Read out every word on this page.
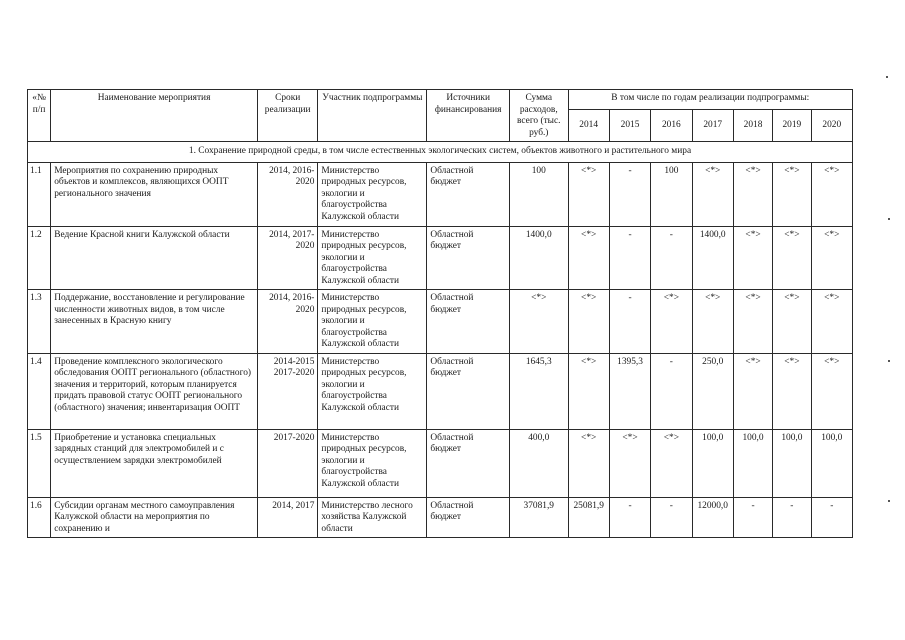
«№ п/п	Наименование мероприятия	Сроки реализации	Участник подпрограммы	Источники финансирования	Сумма расходов, всего (тыс. руб.)	В том числе по годам реализации подпрограммы:						
						2014	2015	2016	2017	2018	2019	2020
1. Сохранение природной среды, в том числе естественных экологических систем, объектов животного и растительного мира												
1.1	Мероприятия по сохранению природных объектов и комплексов, являющихся ООПТ регионального значения	2014, 2016-2020	Министерство природных ресурсов, экологии и благоустройства Калужской области	Областной бюджет	100	<*>	-	100	<*>	<*>	<*>	<*>
1.2	Ведение Красной книги Калужской области	2014, 2017-2020	Министерство природных ресурсов, экологии и благоустройства Калужской области	Областной бюджет	1400,0	<*>	-	-	1400,0	<*>	<*>	<*>
1.3	Поддержание, восстановление и регулирование численности животных видов, в том числе занесенных в Красную книгу	2014, 2016-2020	Министерство природных ресурсов, экологии и благоустройства Калужской области	Областной бюджет	<*>	<*>	-	<*>	<*>	<*>	<*>	<*>
1.4	Проведение комплексного экологического обследования ООПТ регионального (областного) значения и территорий, которым планируется придать правовой статус ООПТ регионального (областного) значения; инвентаризация ООПТ	2014-2015 2017-2020	Министерство природных ресурсов, экологии и благоустройства Калужской области	Областной бюджет	1645,3	<*>	1395,3	-	250,0	<*>	<*>	<*>
1.5	Приобретение и установка специальных зарядных станций для электромобилей и с осуществлением зарядки электромобилей	2017-2020	Министерство природных ресурсов, экологии и благоустройства Калужской области	Областной бюджет	400,0	<*>	<*>	<*>	100,0	100,0	100,0	100,0
1.6	Субсидии органам местного самоуправления Калужской области на мероприятия по сохранению и	2014, 2017	Министерство лесного хозяйства Калужской области	Областной бюджет	37081,9	25081,9	-	-	12000,0	-	-	-
